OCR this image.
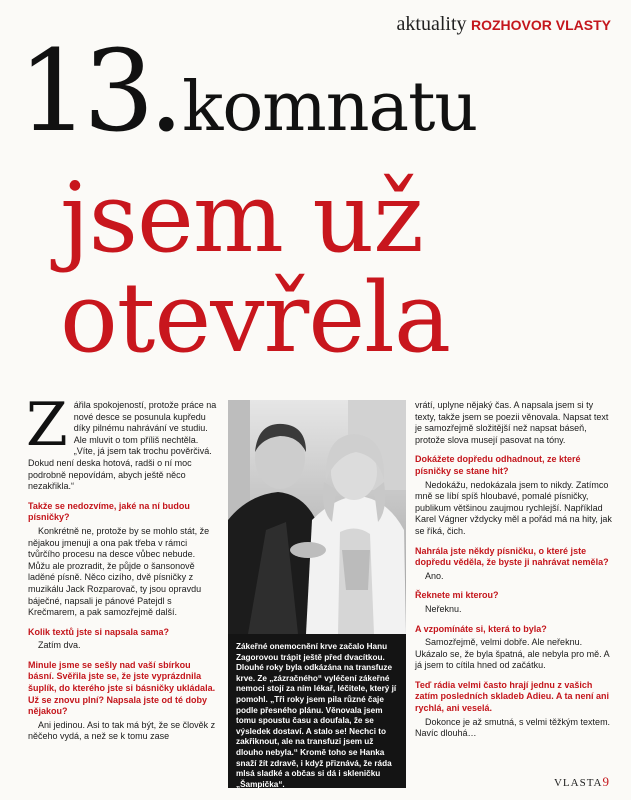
aktuality ROZHOVOR VLASTY
13.komnatu
jsem už
otevřela

Zářila spokojeností, protože práce na nové desce se posunula kupředu díky pilnému nahrávání ve studiu. Ale mluvit o tom příliš nechtěla. „Víte, já jsem tak trochu pověrčivá. Dokud není deska hotová, radši o ní moc podrobně nepovídám, abych ještě něco nezakřikla.“

Takže se nedozvíme, jaké na ní budou písničky?

Konkrétně ne, protože by se mohlo stát, že nějakou jmenuji a ona pak třeba v rámci tvůrčího procesu na desce vůbec nebude. Můžu ale prozradit, že půjde o šansonově laděné písně. Něco cizího, dvě písničky z muzikálu Jack Rozparovač, ty jsou opravdu báječné, napsali je pánové Patejdl s Krečmarem, a pak samozřejmě další.

Kolik textů jste si napsala sama?

Zatím dva.

Minule jsme se sešly nad vaší sbírkou básní. Svěřila jste se, že jste vyprázdnila šuplík, do kterého jste si básničky ukládala. Už se znovu plní? Napsala jste od té doby nějakou?

Ani jedinou. Asi to tak má být, že se člověk z něčeho vydá, a než se k tomu zase

Zákeřné onemocnění krve začalo Hanu Zagorovou trápit ještě před dvacítkou. Dlouhé roky byla odkázána na transfuze krve. Ze „zázračného“ vyléčení zákeřné nemoci stojí za ním lékař, léčitele, který jí pomohl. „Tři roky jsem pila různé čaje podle přesného plánu. Věnovala jsem tomu spoustu času a doufala, že se výsledek dostaví. A stalo se! Nechci to zakřiknout, ale na transfuzi jsem už dlouho nebyla.“ Kromě toho se Hanka snaží žít zdravě, i když přiznává, že ráda mlsá sladké a občas si dá i skleničku „Šampička“.

vrátí, uplyne nějaký čas. A napsala jsem si ty texty, takže jsem se poezii věnovala. Napsat text je samozřejmě složitější než napsat báseň, protože slova musejí pasovat na tóny.

Dokážete dopředu odhadnout, ze které písničky se stane hit?

Nedokážu, nedokázala jsem to nikdy. Zatímco mně se líbí spíš hloubavé, pomalé písničky, publikum většinou zaujmou rychlejší. Například Karel Vágner vždycky měl a pořád má na hity, jak se říká, čich.

Nahrála jste někdy písničku, o které jste dopředu věděla, že byste ji nahrávat neměla?

Ano.

Řeknete mi kterou?

Neřeknu.

A vzpomínáte si, která to byla?

Samozřejmě, velmi dobře. Ale neřeknu. Ukázalo se, že byla špatná, ale nebyla pro mě. A já jsem to cítila hned od začátku.

Teď rádia velmi často hrají jednu z vašich zatím posledních skladeb Adieu. A ta není ani rychlá, ani veselá.

Dokonce je až smutná, s velmi těžkým textem. Navíc dlouhá…

VLASTA9
